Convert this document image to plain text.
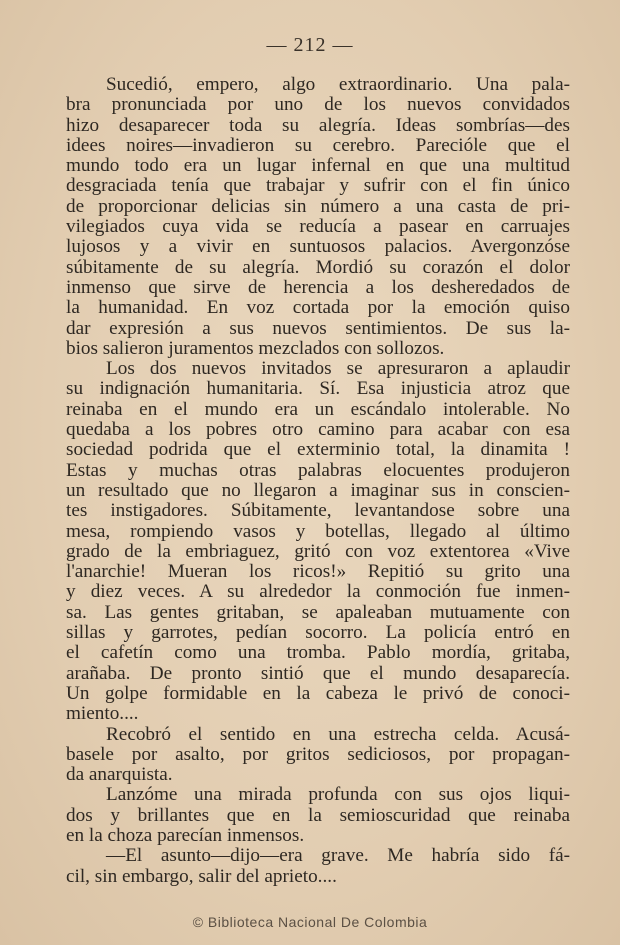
— 212 —
Sucedió, empero, algo extraordinario. Una pala-
bra pronunciada por uno de los nuevos convidados
hizo desaparecer toda su alegría. Ideas sombrías—des
idees noires—invadieron su cerebro. Parecióle que el
mundo todo era un lugar infernal en que una multitud
desgraciada tenía que trabajar y sufrir con el fin único
de proporcionar delicias sin número a una casta de pri-
vilegiados cuya vida se reducía a pasear en carruajes
lujosos y a vivir en suntuosos palacios. Avergonzóse
súbitamente de su alegría. Mordió su corazón el dolor
inmenso que sirve de herencia a los desheredados de
la humanidad. En voz cortada por la emoción quiso
dar expresión a sus nuevos sentimientos. De sus la-
bios salieron juramentos mezclados con sollozos.
Los dos nuevos invitados se apresuraron a aplaudir
su indignación humanitaria. Sí. Esa injusticia atroz que
reinaba en el mundo era un escándalo intolerable. No
quedaba a los pobres otro camino para acabar con esa
sociedad podrida que el exterminio total, la dinamita !
Estas y muchas otras palabras elocuentes produjeron
un resultado que no llegaron a imaginar sus in conscien-
tes instigadores. Súbitamente, levantandose sobre una
mesa, rompiendo vasos y botellas, llegado al último
grado de la embriaguez, gritó con voz extentorea «Vive
l'anarchie! Mueran los ricos!» Repitió su grito una
y diez veces. A su alrededor la conmoción fue inmen-
sa. Las gentes gritaban, se apaleaban mutuamente con
sillas y garrotes, pedían socorro. La policía entró en
el cafetín como una tromba. Pablo mordía, gritaba,
arañaba. De pronto sintió que el mundo desaparecía.
Un golpe formidable en la cabeza le privó de conoci-
miento....
Recobró el sentido en una estrecha celda. Acusá-
basele por asalto, por gritos sediciosos, por propagan-
da anarquista.
Lanzóme una mirada profunda con sus ojos liqui-
dos y brillantes que en la semioscuridad que reinaba
en la choza parecían inmensos.
—El asunto—dijo—era grave. Me habría sido fá-
cil, sin embargo, salir del aprieto....
© Biblioteca Nacional De Colombia
